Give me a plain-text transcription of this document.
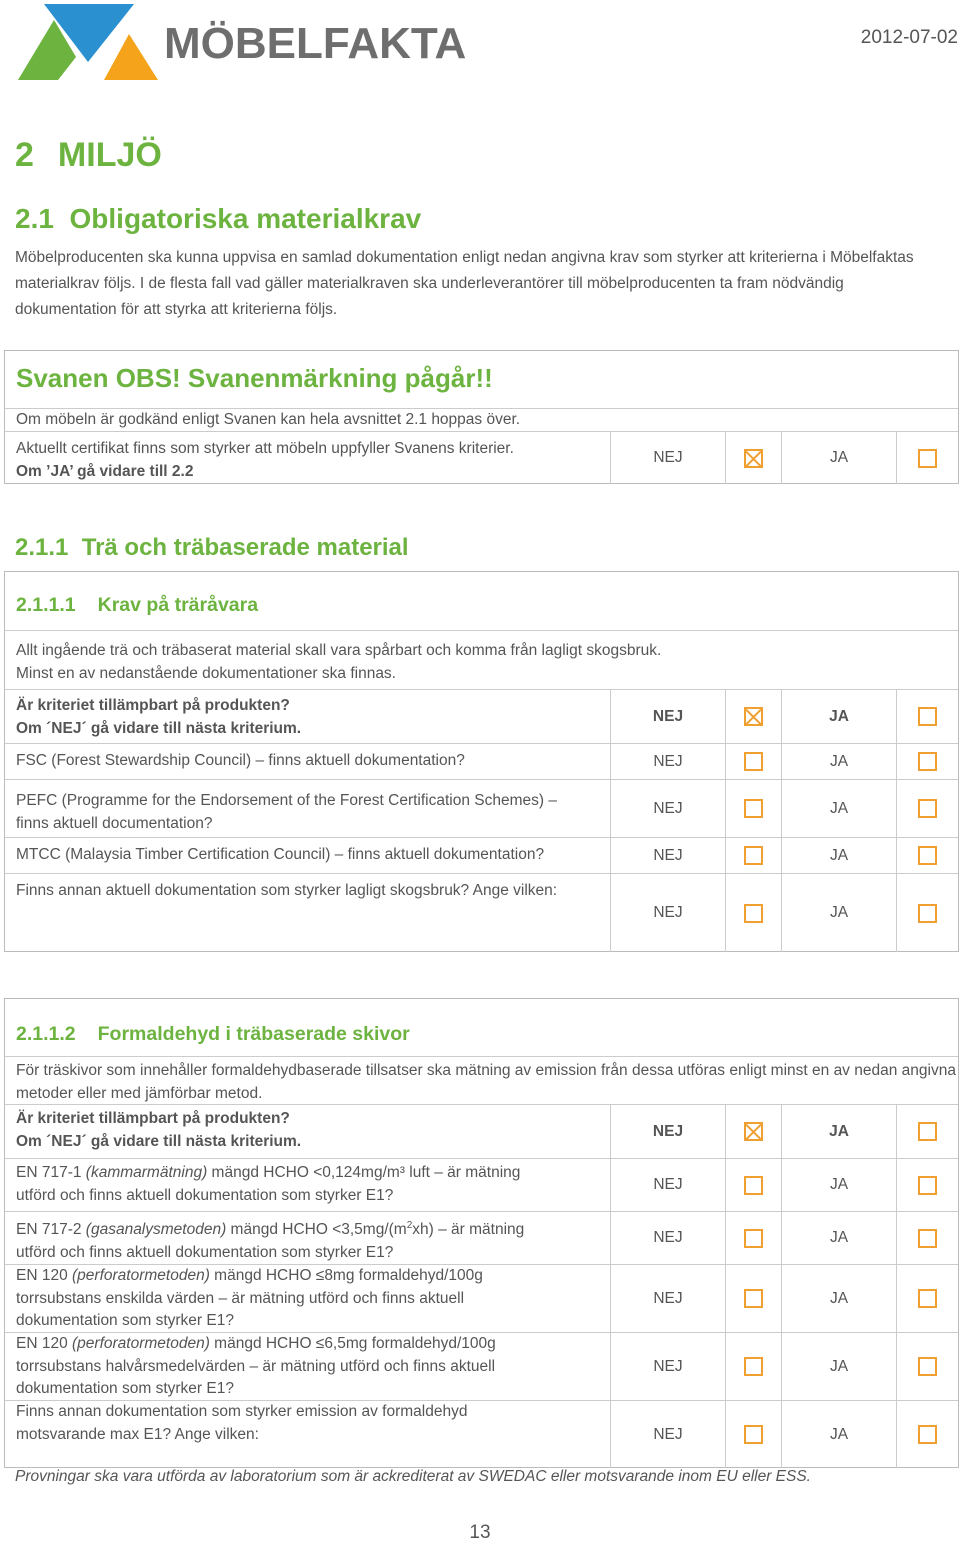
MÖBELFAKTA	2012-07-02
2 MILJÖ
2.1 Obligatoriska materialkrav
Möbelproducenten ska kunna uppvisa en samlad dokumentation enligt nedan angivna krav som styrker att kriterierna i Möbelfaktas materialkrav följs. I de flesta fall vad gäller materialkraven ska underleverantörer till möbelproducenten ta fram nödvändig dokumentation för att styrka att kriterierna följs.
Svanen OBS! Svanenmärkning pågår!!
Om möbeln är godkänd enligt Svanen kan hela avsnittet 2.1 hoppas över.
Aktuellt certifikat finns som styrker att möbeln uppfyller Svanens kriterier.
Om ’JA’ gå vidare till 2.2
NEJ	JA
2.1.1 Trä och träbaserade material
2.1.1.1 Krav på träråvara
Allt ingående trä och träbaserat material skall vara spårbart och komma från lagligt skogsbruk.
Minst en av nedanstående dokumentationer ska finnas.
Är kriteriet tillämpbart på produkten?
Om ´NEJ´ gå vidare till nästa kriterium.
NEJ	JA
FSC (Forest Stewardship Council) – finns aktuell dokumentation?	NEJ	JA
PEFC (Programme for the Endorsement of the Forest Certification Schemes) –
finns aktuell documentation?
NEJ	JA
MTCC (Malaysia Timber Certification Council) – finns aktuell dokumentation?	NEJ	JA
Finns annan aktuell dokumentation som styrker lagligt skogsbruk? Ange vilken:
NEJ	JA
2.1.1.2 Formaldehyd i träbaserade skivor
För träskivor som innehåller formaldehydbaserade tillsatser ska mätning av emission från dessa utföras enligt minst en av nedan angivna metoder eller med jämförbar metod.
Är kriteriet tillämpbart på produkten?
Om ´NEJ´ gå vidare till nästa kriterium.
NEJ	JA
EN 717-1 (kammarmätning) mängd HCHO <0,124mg/m³ luft – är mätning
utförd och finns aktuell dokumentation som styrker E1?
NEJ	JA
EN 717-2 (gasanalysmetoden) mängd HCHO $<3,5mg/(m^2xh)$ – är mätning
utförd och finns aktuell dokumentation som styrker E1?
NEJ	JA
EN 120 (perforatormetoden) mängd HCHO ≤8mg formaldehyd/100g
torrsubstans enskilda värden – är mätning utförd och finns aktuell
dokumentation som styrker E1?
NEJ	JA
EN 120 (perforatormetoden) mängd HCHO ≤6,5mg formaldehyd/100g
torrsubstans halvårsmedelvärden – är mätning utförd och finns aktuell
dokumentation som styrker E1?
NEJ	JA
Finns annan dokumentation som styrker emission av formaldehyd
motsvarande max E1? Ange vilken:	NEJ	JA
Provningar ska vara utförda av laboratorium som är ackrediterat av SWEDAC eller motsvarande inom EU eller ESS.
13
